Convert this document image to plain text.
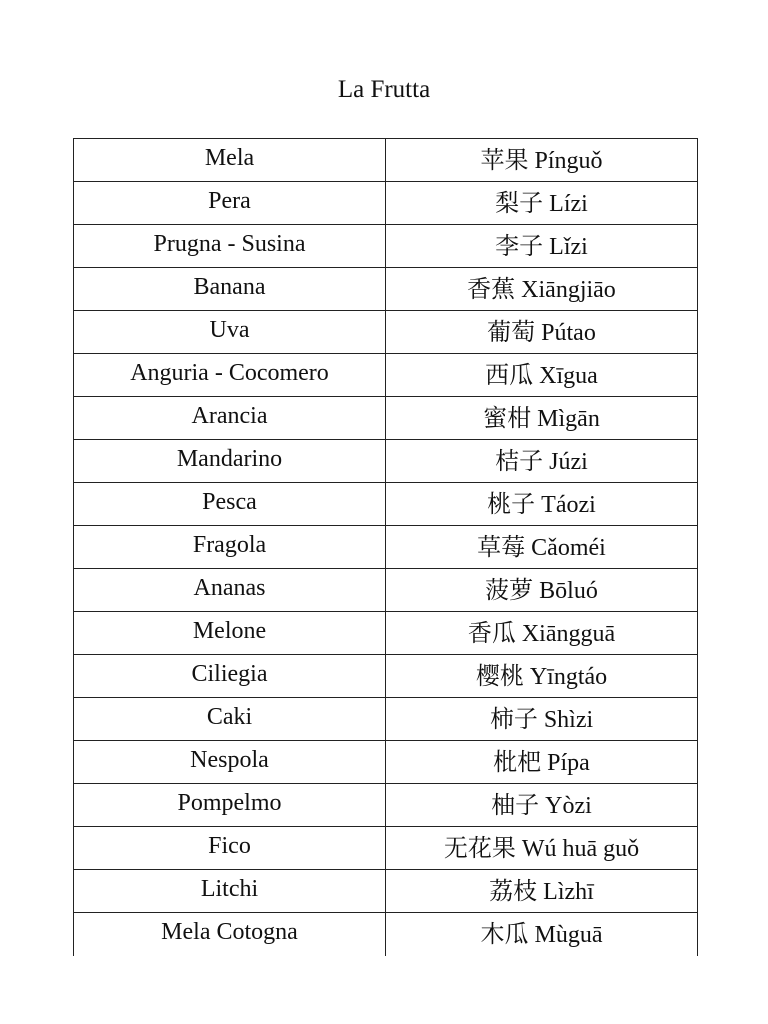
La Frutta
Mela	苹果 Pínguǒ
Pera	梨子 Lízi
Prugna - Susina	李子 Lǐzi
Banana	香蕉 Xiāngjiāo
Uva	葡萄 Pútao
Anguria - Cocomero	西瓜 Xīgua
Arancia	蜜柑 Mìgān
Mandarino	桔子 Júzi
Pesca	桃子 Táozi
Fragola	草莓 Cǎoméi
Ananas	菠萝 Bōluó
Melone	香瓜 Xiāngguā
Ciliegia	樱桃 Yīngtáo
Caki	柿子 Shìzi
Nespola	枇杷 Pípa
Pompelmo	柚子 Yòzi
Fico	无花果 Wú huā guǒ
Litchi	荔枝 Lìzhī
Mela Cotogna	木瓜 Mùguā
